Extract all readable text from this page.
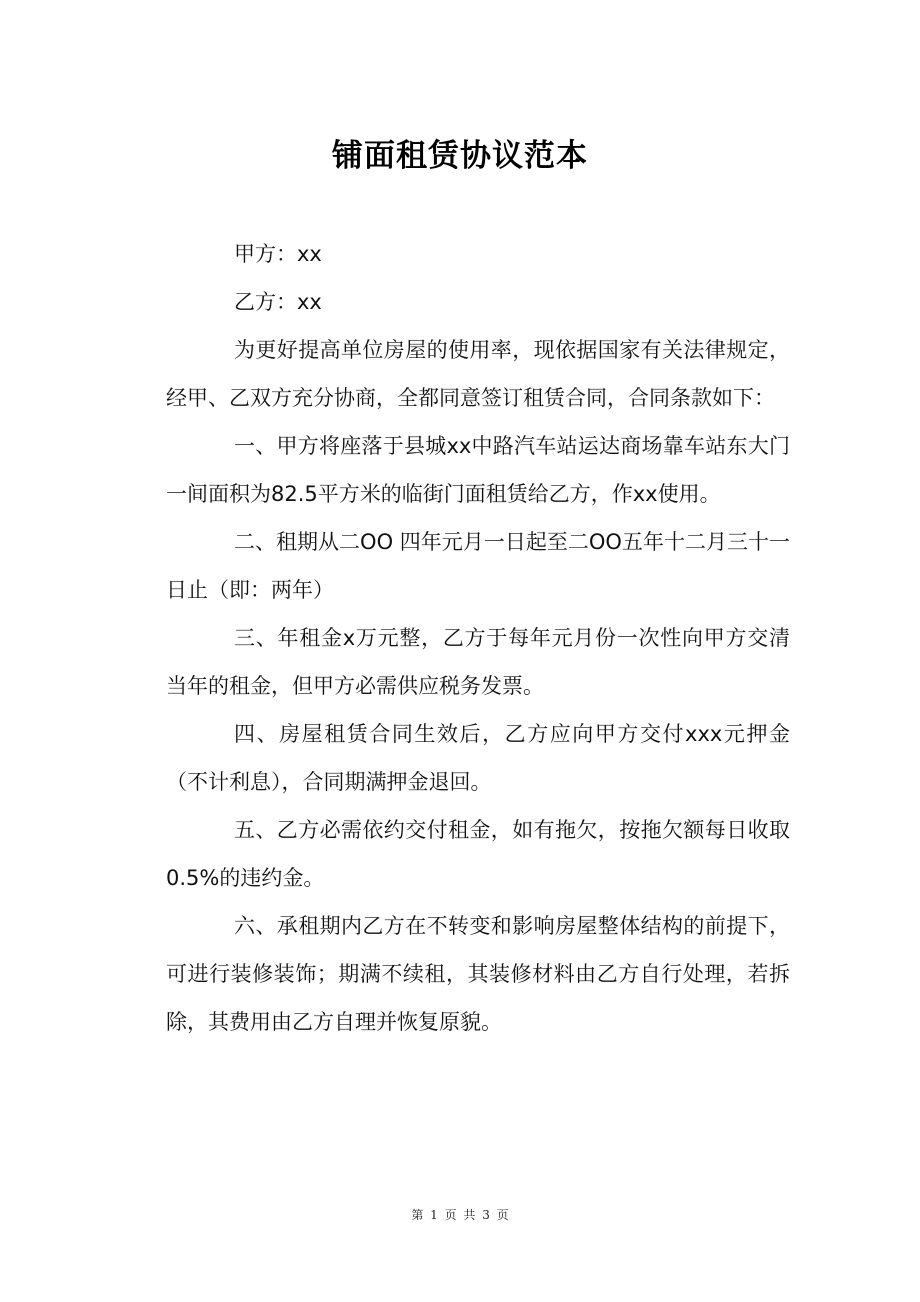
铺面租赁协议范本

甲方：xx

乙方：xx

为更好提高单位房屋的使用率，现依据国家有关法律规定，经甲、乙双方充分协商，全都同意签订租赁合同，合同条款如下：

一、甲方将座落于县城xx中路汽车站运达商场靠车站东大门一间面积为82.5平方米的临街门面租赁给乙方，作xx使用。

二、租期从二OO 四年元月一日起至二OO五年十二月三十一日止（即：两年）

三、年租金x万元整，乙方于每年元月份一次性向甲方交清当年的租金，但甲方必需供应税务发票。

四、房屋租赁合同生效后，乙方应向甲方交付xxx元押金（不计利息），合同期满押金退回。

五、乙方必需依约交付租金，如有拖欠，按拖欠额每日收取0.5%的违约金。

六、承租期内乙方在不转变和影响房屋整体结构的前提下，可进行装修装饰；期满不续租，其装修材料由乙方自行处理，若拆除，其费用由乙方自理并恢复原貌。

第 1 页 共 3 页
